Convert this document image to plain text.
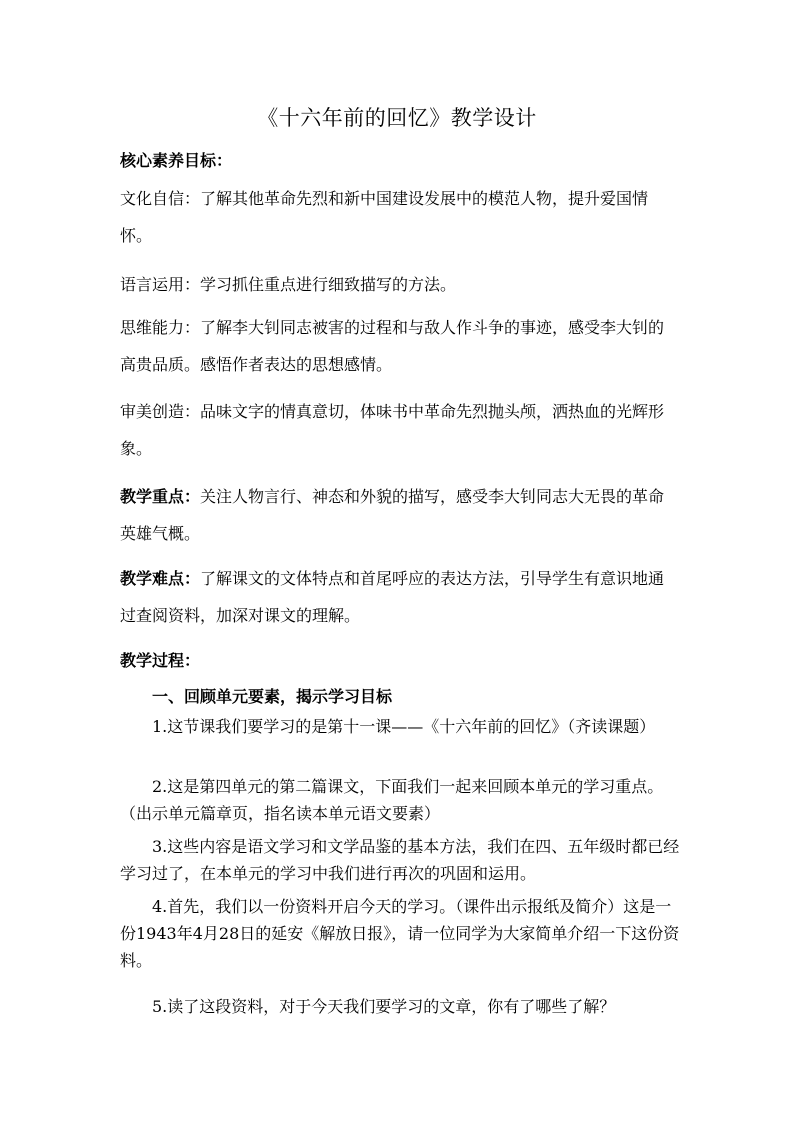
《十六年前的回忆》教学设计
核心素养目标：
文化自信：了解其他革命先烈和新中国建设发展中的模范人物，提升爱国情怀。
语言运用：学习抓住重点进行细致描写的方法。
思维能力：了解李大钊同志被害的过程和与敌人作斗争的事迹，感受李大钊的高贵品质。感悟作者表达的思想感情。
审美创造：品味文字的情真意切，体味书中革命先烈抛头颅，洒热血的光辉形象。
教学重点：关注人物言行、神态和外貌的描写，感受李大钊同志大无畏的革命英雄气概。
教学难点：了解课文的文体特点和首尾呼应的表达方法，引导学生有意识地通过查阅资料，加深对课文的理解。
教学过程：
一、回顾单元要素，揭示学习目标
1.这节课我们要学习的是第十一课——《十六年前的回忆》（齐读课题）
2.这是第四单元的第二篇课文，下面我们一起来回顾本单元的学习重点。（出示单元篇章页，指名读本单元语文要素）
3.这些内容是语文学习和文学品鉴的基本方法，我们在四、五年级时都已经学习过了，在本单元的学习中我们进行再次的巩固和运用。
4.首先，我们以一份资料开启今天的学习。（课件出示报纸及简介）这是一份1943年4月28日的延安《解放日报》，请一位同学为大家简单介绍一下这份资料。
5.读了这段资料，对于今天我们要学习的文章，你有了哪些了解？
